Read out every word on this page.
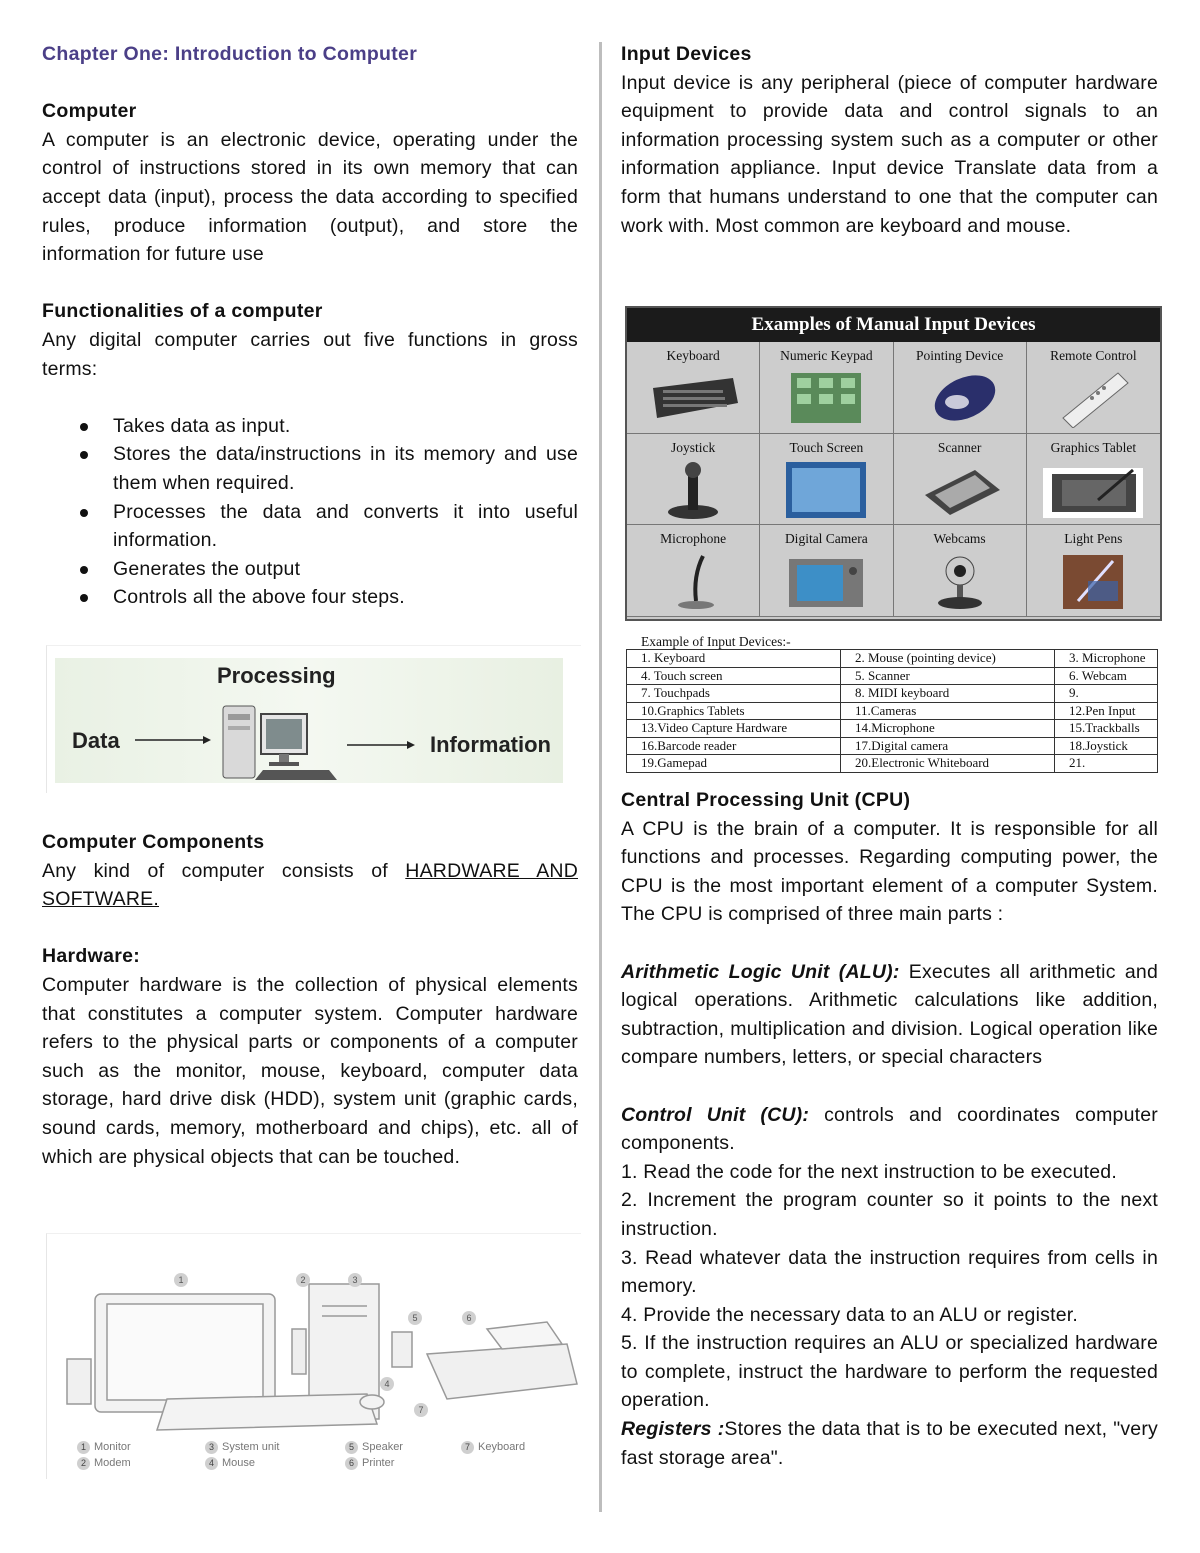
Chapter One: Introduction to Computer
Computer

A computer is an electronic device, operating under the control of instructions stored in its own memory that can accept data (input), process the data according to specified rules, produce information (output), and store the information for future use

Functionalities of a computer

Any digital computer carries out five functions in gross terms:

Takes data as input.
Stores the data/instructions in its memory and use them when required.
Processes the data and converts it into useful information.
Generates the output
Controls all the above four steps.
Processing
Data	Information
Computer Components

Any kind of computer consists of HARDWARE AND SOFTWARE.

Hardware:

Computer hardware is the collection of physical elements that constitutes a computer system. Computer hardware refers to the physical parts or components of a computer such as the monitor, mouse, keyboard, computer data storage, hard drive disk (HDD), system unit (graphic cards, sound cards, memory, motherboard and chips), etc. all of which are physical objects that can be touched.

1	2	3
4
5	6
7
1 Monitor
2 Modem
3 System unit
4 Mouse
5 Speaker
6 Printer
7 Keyboard
Input Devices

Input device is any peripheral (piece of computer hardware equipment to provide data and control signals to an information processing system such as a computer or other information appliance. Input device Translate data from a form that humans understand to one that the computer can work with. Most common are keyboard and mouse.

Examples of Manual Input Devices
Keyboard	Numeric Keypad	Pointing Device	Remote Control
Joystick	Touch Screen	Scanner	Graphics Tablet
Microphone	Digital Camera	Webcams	Light Pens
Example of Input Devices:-
1. Keyboard	2. Mouse (pointing device)	3. Microphone
4. Touch screen	5. Scanner	6. Webcam
7. Touchpads	8. MIDI keyboard	9.
10.Graphics Tablets	11.Cameras	12.Pen Input
13.Video Capture Hardware	14.Microphone	15.Trackballs
16.Barcode reader	17.Digital camera	18.Joystick
19.Gamepad	20.Electronic Whiteboard	21.
Central Processing Unit (CPU)

A CPU is the brain of a computer. It is responsible for all functions and processes. Regarding computing power, the CPU is the most important element of a computer System. The CPU is comprised of three main parts :

Arithmetic Logic Unit (ALU): Executes all arithmetic and logical operations. Arithmetic calculations like addition, subtraction, multiplication and division. Logical operation like compare numbers, letters, or special characters

Control Unit (CU): controls and coordinates computer components.

1. Read the code for the next instruction to be executed.

2. Increment the program counter so it points to the next instruction.

3. Read whatever data the instruction requires from cells in memory.

4. Provide the necessary data to an ALU or register.

5. If the instruction requires an ALU or specialized hardware to complete, instruct the hardware to perform the requested operation.

Registers :Stores the data that is to be executed next, "very fast storage area".
